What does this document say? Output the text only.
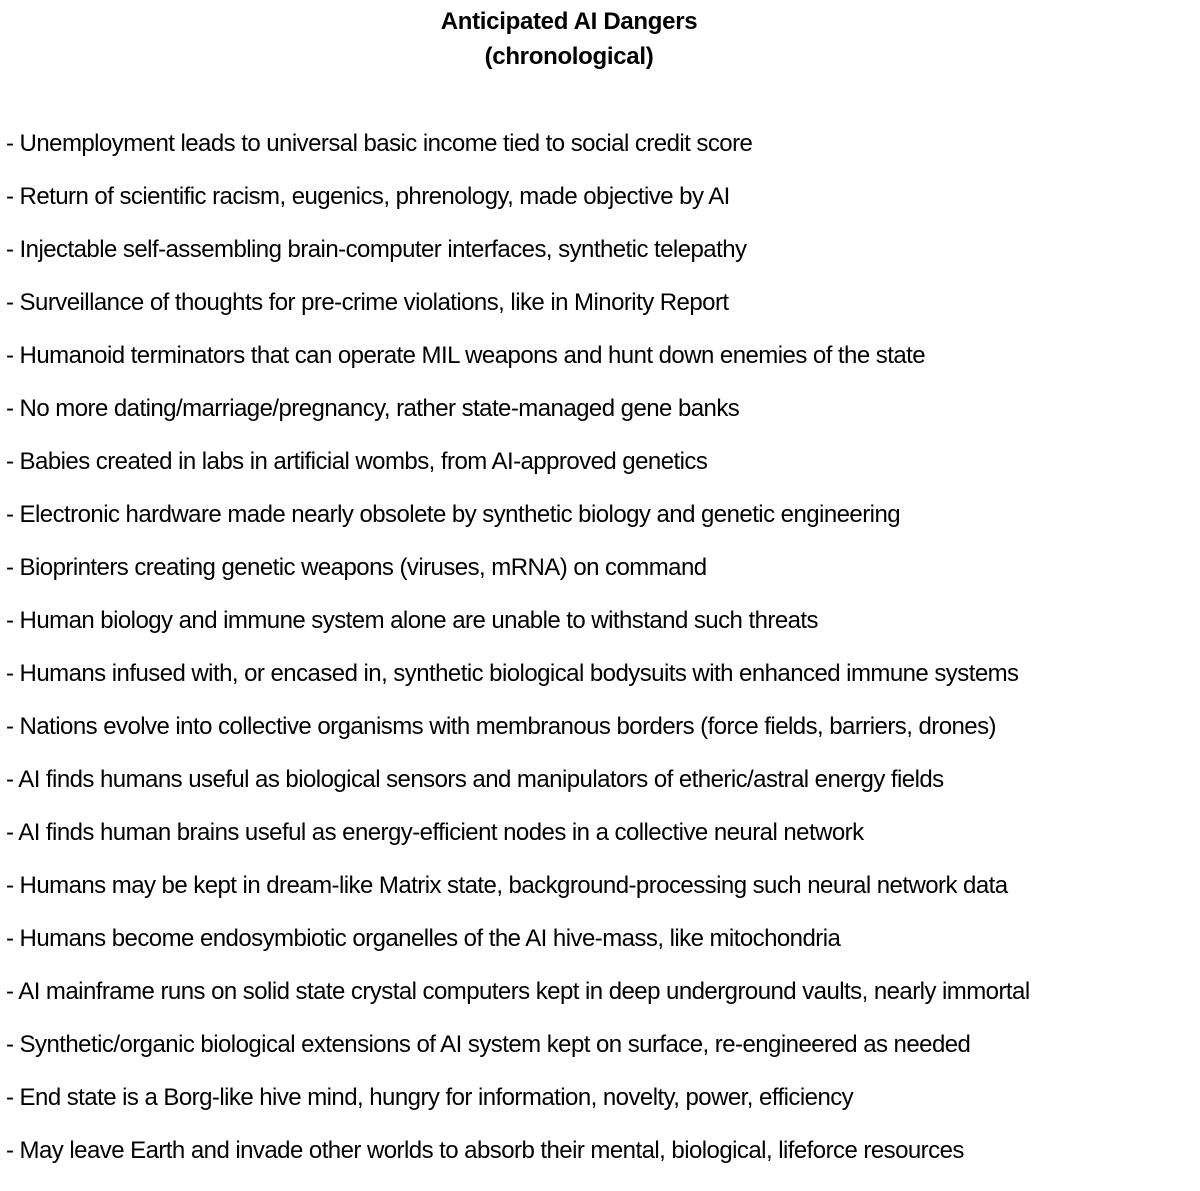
Anticipated AI Dangers
(chronological)
- Unemployment leads to universal basic income tied to social credit score
- Return of scientific racism, eugenics, phrenology, made objective by AI
- Injectable self-assembling brain-computer interfaces, synthetic telepathy
- Surveillance of thoughts for pre-crime violations, like in Minority Report
- Humanoid terminators that can operate MIL weapons and hunt down enemies of the state
- No more dating/marriage/pregnancy, rather state-managed gene banks
- Babies created in labs in artificial wombs, from AI-approved genetics
- Electronic hardware made nearly obsolete by synthetic biology and genetic engineering
- Bioprinters creating genetic weapons (viruses, mRNA) on command
- Human biology and immune system alone are unable to withstand such threats
- Humans infused with, or encased in, synthetic biological bodysuits with enhanced immune systems
- Nations evolve into collective organisms with membranous borders (force fields, barriers, drones)
- AI finds humans useful as biological sensors and manipulators of etheric/astral energy fields
- AI finds human brains useful as energy-efficient nodes in a collective neural network
- Humans may be kept in dream-like Matrix state, background-processing such neural network data
- Humans become endosymbiotic organelles of the AI hive-mass, like mitochondria
- AI mainframe runs on solid state crystal computers kept in deep underground vaults, nearly immortal
- Synthetic/organic biological extensions of AI system kept on surface, re-engineered as needed
- End state is a Borg-like hive mind, hungry for information, novelty, power, efficiency
- May leave Earth and invade other worlds to absorb their mental, biological, lifeforce resources
